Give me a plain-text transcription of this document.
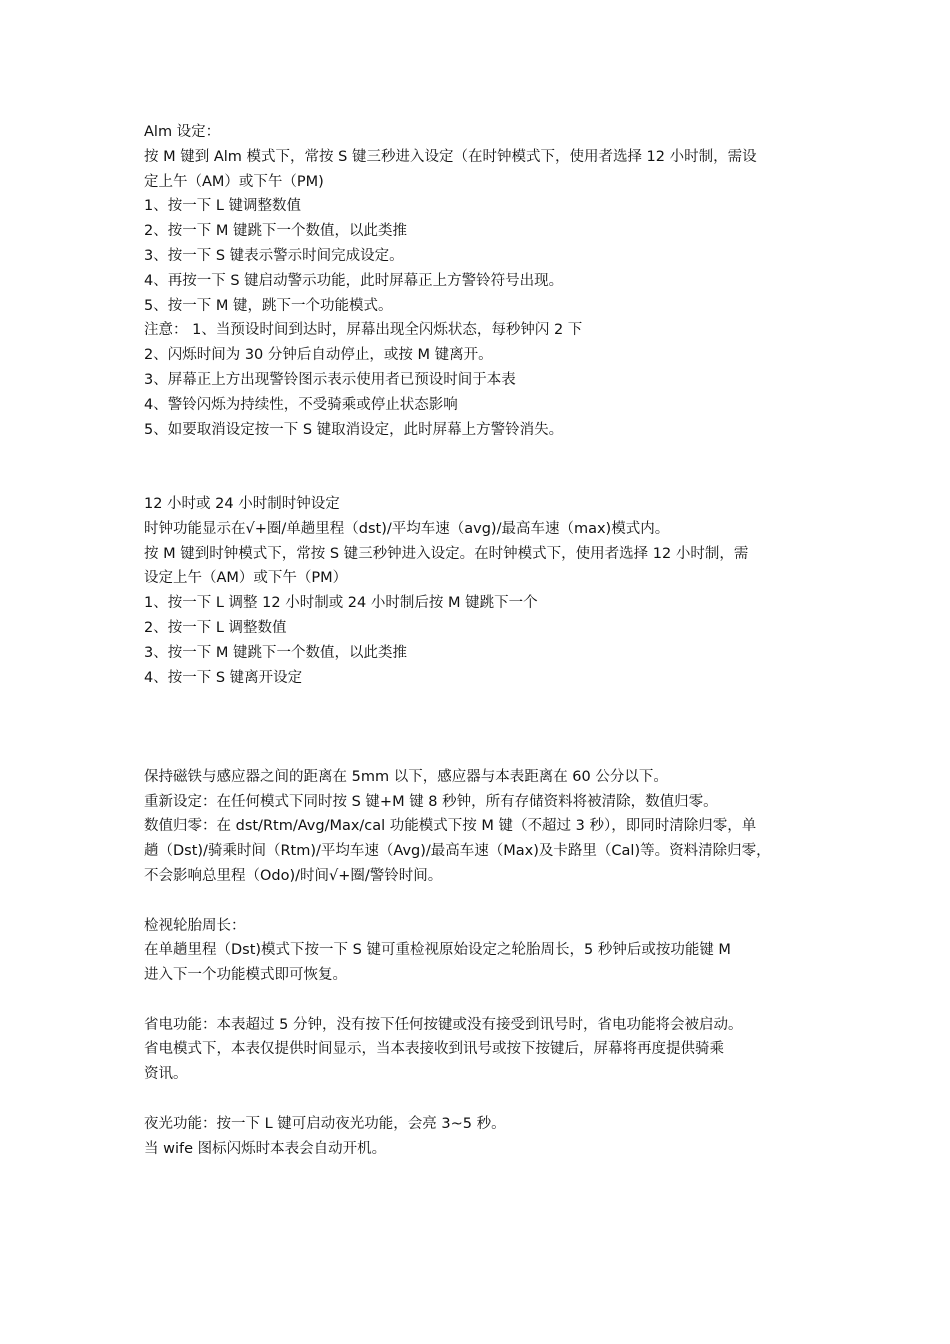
Alm 设定：
按 M 键到 Alm 模式下，常按 S 键三秒进入设定（在时钟模式下，使用者选择 12 小时制，需设
定上午（AM）或下午（PM)
1、按一下 L 键调整数值
2、按一下 M 键跳下一个数值，以此类推
3、按一下 S 键表示警示时间完成设定。
4、再按一下 S 键启动警示功能，此时屏幕正上方警铃符号出现。
5、按一下 M 键，跳下一个功能模式。
注意： 1、当预设时间到达时，屏幕出现全闪烁状态，每秒钟闪 2 下
2、闪烁时间为 30 分钟后自动停止，或按 M 键离开。
3、屏幕正上方出现警铃图示表示使用者已预设时间于本表
4、警铃闪烁为持续性，不受骑乘或停止状态影响
5、如要取消设定按一下 S 键取消设定，此时屏幕上方警铃消失。
12 小时或 24 小时制时钟设定
时钟功能显示在√+圈/单趟里程（dst)/平均车速（avg)/最高车速（max)模式内。
按 M 键到时钟模式下，常按 S 键三秒钟进入设定。在时钟模式下，使用者选择 12 小时制，需
设定上午（AM）或下午（PM）
1、按一下 L 调整 12 小时制或 24 小时制后按 M 键跳下一个
2、按一下 L 调整数值
3、按一下 M 键跳下一个数值，以此类推
4、按一下 S 键离开设定
保持磁铁与感应器之间的距离在 5mm 以下，感应器与本表距离在 60 公分以下。
重新设定：在任何模式下同时按 S 键+M 键 8 秒钟，所有存储资料将被清除，数值归零。
数值归零：在 dst/Rtm/Avg/Max/cal 功能模式下按 M 键（不超过 3 秒），即同时清除归零，单
趟（Dst)/骑乘时间（Rtm)/平均车速（Avg)/最高车速（Max)及卡路里（Cal)等。资料清除归零，
不会影响总里程（Odo)/时间√+圈/警铃时间。
检视轮胎周长：
在单趟里程（Dst)模式下按一下 S 键可重检视原始设定之轮胎周长，5 秒钟后或按功能键 M
进入下一个功能模式即可恢复。
省电功能：本表超过 5 分钟，没有按下任何按键或没有接受到讯号时，省电功能将会被启动。
省电模式下，本表仅提供时间显示，当本表接收到讯号或按下按键后，屏幕将再度提供骑乘
资讯。
夜光功能：按一下 L 键可启动夜光功能，会亮 3~5 秒。
当 wife 图标闪烁时本表会自动开机。
